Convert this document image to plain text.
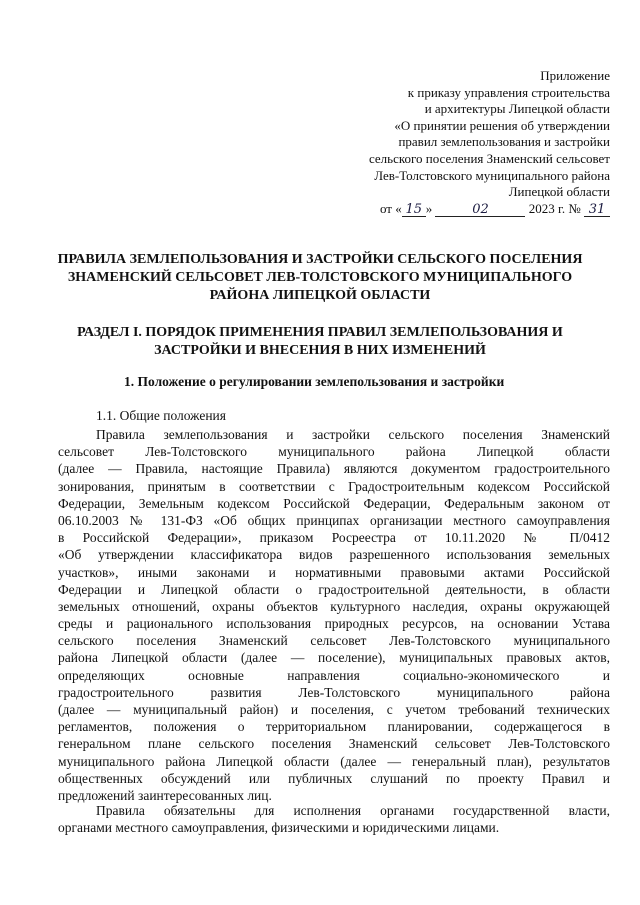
Приложение
к приказу управления строительства
и архитектуры Липецкой области
«О принятии решения об утверждении
правил землепользования и застройки
сельского поселения Знаменский сельсовет
Лев-Толстовского муниципального района
Липецкой области
от « 15 »	02	2023 г. № 31
ПРАВИЛА ЗЕМЛЕПОЛЬЗОВАНИЯ И ЗАСТРОЙКИ СЕЛЬСКОГО ПОСЕЛЕНИЯ ЗНАМЕНСКИЙ СЕЛЬСОВЕТ ЛЕВ-ТОЛСТОВСКОГО МУНИЦИПАЛЬНОГО РАЙОНА ЛИПЕЦКОЙ ОБЛАСТИ
РАЗДЕЛ I. ПОРЯДОК ПРИМЕНЕНИЯ ПРАВИЛ ЗЕМЛЕПОЛЬЗОВАНИЯ И ЗАСТРОЙКИ И ВНЕСЕНИЯ В НИХ ИЗМЕНЕНИЙ
1. Положение о регулировании землепользования и застройки
1.1. Общие положения
Правила землепользования и застройки сельского поселения Знаменский
сельсовет Лев-Толстовского муниципального района Липецкой области
(далее — Правила, настоящие Правила) являются документом градостроительного
зонирования, принятым в соответствии с Градостроительным кодексом Российской
Федерации, Земельным кодексом Российской Федерации, Федеральным законом от
06.10.2003 № 131-ФЗ «Об общих принципах организации местного самоуправления
в Российской Федерации», приказом Росреестра от 10.11.2020 № П/0412
«Об утверждении классификатора видов разрешенного использования земельных
участков», иными законами и нормативными правовыми актами Российской
Федерации и Липецкой области о градостроительной деятельности, в области
земельных отношений, охраны объектов культурного наследия, охраны окружающей
среды и рационального использования природных ресурсов, на основании Устава
сельского поселения Знаменский сельсовет Лев-Толстовского муниципального
района Липецкой области (далее — поселение), муниципальных правовых актов,
определяющих основные направления социально-экономического и
градостроительного развития Лев-Толстовского муниципального района
(далее — муниципальный район) и поселения, с учетом требований технических
регламентов, положения о территориальном планировании, содержащегося в
генеральном плане сельского поселения Знаменский сельсовет Лев-Толстовского
муниципального района Липецкой области (далее — генеральный план), результатов
общественных обсуждений или публичных слушаний по проекту Правил и
предложений заинтересованных лиц.
Правила обязательны для исполнения органами государственной власти,
органами местного самоуправления, физическими и юридическими лицами.
